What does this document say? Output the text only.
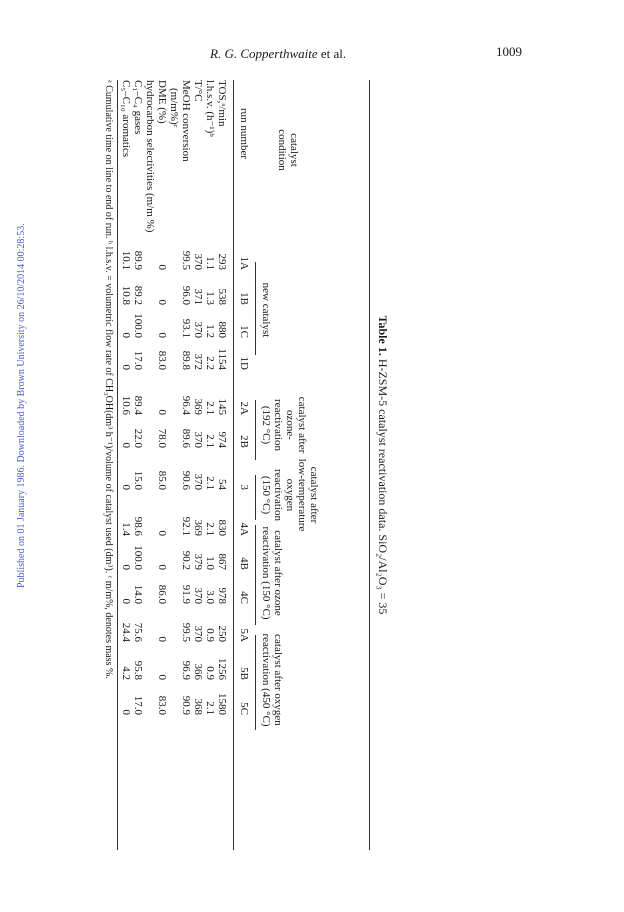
R. G. Copperthwaite et al.	1009
Published on 01 January 1986. Downloaded by Brown University on 26/10/2014 00:28:53.	Table 1. H-ZSM-5 catalyst reactivation data. SiO₂/Al₂O₃ = 35
catalyst
condition
new catalyst
catalyst after
ozone-
reactivation
(192 °C)
catalyst after
low-temperature
oxygen
reactivation
(150 °C)
catalyst after ozone
reactivation (150 °C)
catalyst after oxygen
reactivation (450 °C)
run number
1A
1B
1C
1D
2A
2B
3
4A
4B
4C
5A
5B
5C
TOS,ᵃ/min
293
538
880
1154
145
974
54
830
867
978
250
1256
1580
l.h.s.v. (h⁻¹)ᵇ
1.1
1.3
1.2
2.2
2.1
2.1
2.1
2.1
1.0
3.0
0.9
0.9
2.1
T/°C
370
371
370
372
369
370
370
369
379
370
370
366
368
MeOH conversion
99.5
96.0
93.1
89.8
96.4
89.6
90.6
92.1
90.2
91.9
99.5
96.9
90.9
(m/m%)ᶜ
DME (%)
0
0
0
83.0
0
78.0
85.0
0
0
86.0
0
0
83.0
hydrocarbon selectivities (m/m %)
C₁–C₄ gases
89.9
89.2
100.0
17.0
89.4
22.0
15.0
98.6
100.0
14.0
75.6
95.8
17.0
C₅–C₁₀ aromatics
10.1
10.8
0
0
10.6
0
0
1.4
0
0
24.4
4.2
0
ᵃ Cumulative time on line to end of run. ᵇ l.h.s.v. = volumetric flow rate of CH₃OH(dm³ h⁻¹)/volume of catalyst used (dm³). ᶜ m/m%, denotes mass %.
